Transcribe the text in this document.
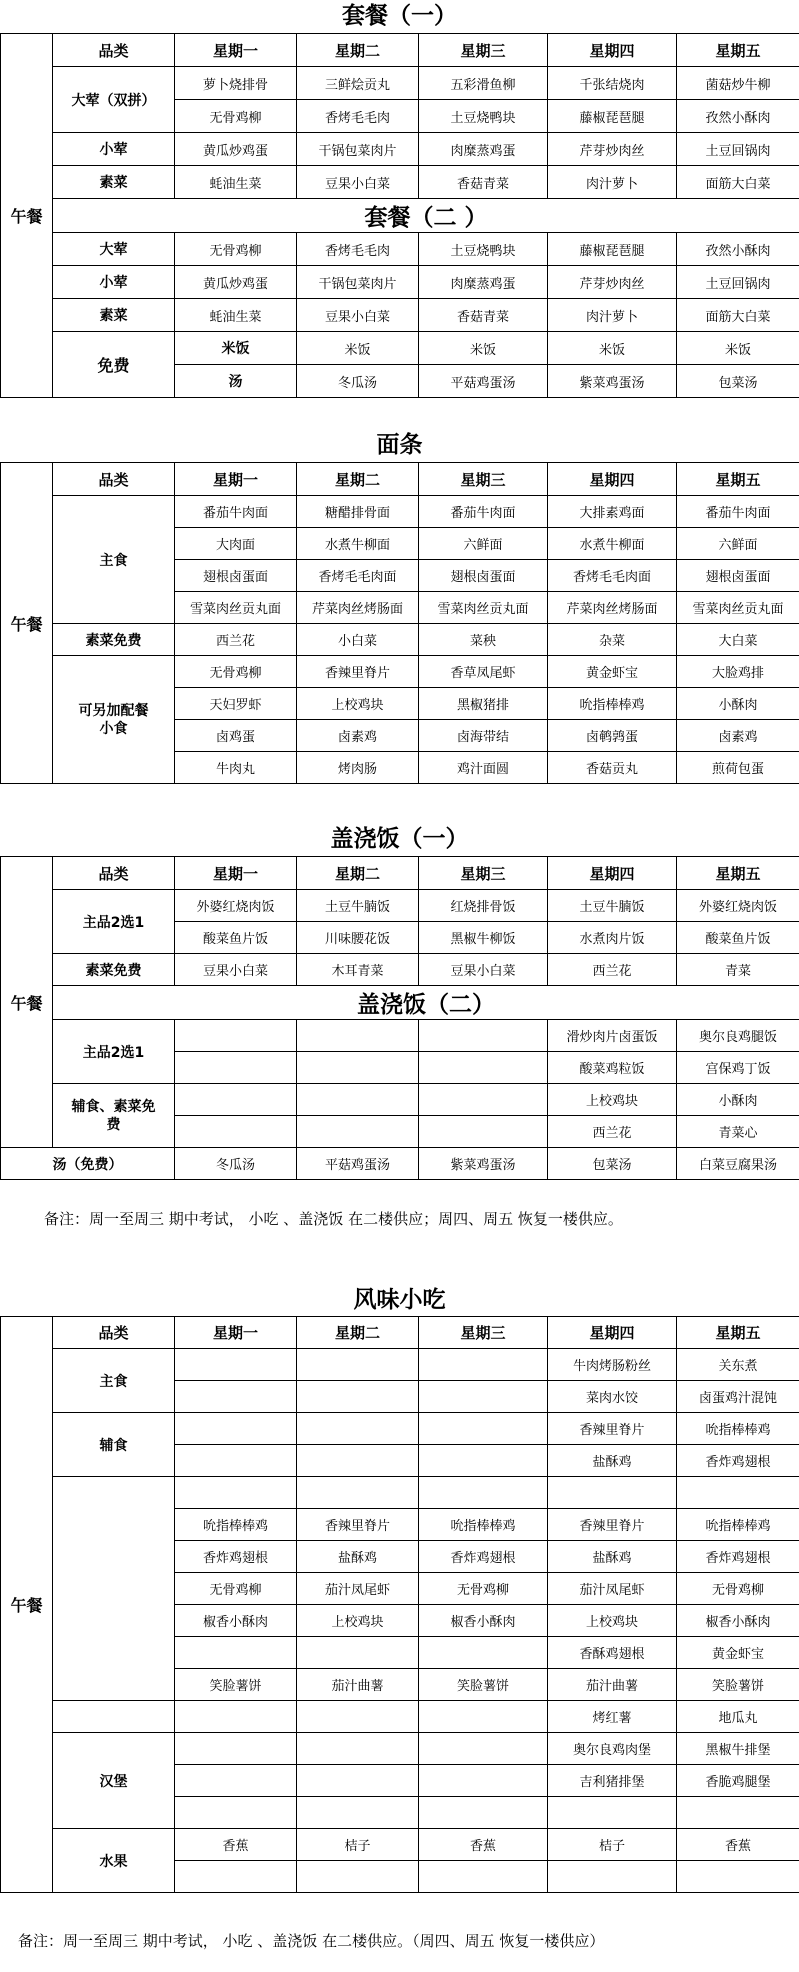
套餐（一）
午餐	品类	星期一	星期二	星期三	星期四	星期五	
	大荤（双拼）	萝卜烧排骨	三鲜烩贡丸	五彩滑鱼柳	千张结烧肉	菌菇炒牛柳	
		无骨鸡柳	香烤毛毛肉	土豆烧鸭块	藤椒琵琶腿	孜然小酥肉	
	小荤	黄瓜炒鸡蛋	干锅包菜肉片	肉糜蒸鸡蛋	芹芽炒肉丝	土豆回锅肉	
	素菜	蚝油生菜	豆果小白菜	香菇青菜	肉汁萝卜	面筋大白菜	
	套餐（二 ）						
	大荤	无骨鸡柳	香烤毛毛肉	土豆烧鸭块	藤椒琵琶腿	孜然小酥肉	
	小荤	黄瓜炒鸡蛋	干锅包菜肉片	肉糜蒸鸡蛋	芹芽炒肉丝	土豆回锅肉	
	素菜	蚝油生菜	豆果小白菜	香菇青菜	肉汁萝卜	面筋大白菜	
	免费	米饭	米饭	米饭	米饭	米饭	
		汤	冬瓜汤	平菇鸡蛋汤	紫菜鸡蛋汤	包菜汤	
面条
午餐	品类	星期一	星期二	星期三	星期四	星期五
	主食	番茄牛肉面	糖醋排骨面	番茄牛肉面	大排素鸡面	番茄牛肉面
		大肉面	水煮牛柳面	六鲜面	水煮牛柳面	六鲜面
		翅根卤蛋面	香烤毛毛肉面	翅根卤蛋面	香烤毛毛肉面	翅根卤蛋面
		雪菜肉丝贡丸面	芹菜肉丝烤肠面	雪菜肉丝贡丸面	芹菜肉丝烤肠面	雪菜肉丝贡丸面
	素菜免费	西兰花	小白菜	菜秧	杂菜	大白菜
	可另加配餐小食	无骨鸡柳	香辣里脊片	香草凤尾虾	黄金虾宝	大脸鸡排
		天妇罗虾	上校鸡块	黑椒猪排	吮指棒棒鸡	小酥肉
		卤鸡蛋	卤素鸡	卤海带结	卤鹌鹑蛋	卤素鸡
		牛肉丸	烤肉肠	鸡汁面圆	香菇贡丸	煎荷包蛋
盖浇饭（一）
午餐	品类	星期一	星期二	星期三	星期四	星期五
	主品2选1	外婆红烧肉饭	土豆牛腩饭	红烧排骨饭	土豆牛腩饭	外婆红烧肉饭
		酸菜鱼片饭	川味腰花饭	黑椒牛柳饭	水煮肉片饭	酸菜鱼片饭
	素菜免费	豆果小白菜	木耳青菜	豆果小白菜	西兰花	青菜
	盖浇饭（二）					
	主品2选1				滑炒肉片卤蛋饭	奥尔良鸡腿饭
					酸菜鸡粒饭	宫保鸡丁饭
	辅食、素菜免费				上校鸡块	小酥肉
					西兰花	青菜心
汤（免费）		冬瓜汤	平菇鸡蛋汤	紫菜鸡蛋汤	包菜汤	白菜豆腐果汤
备注：周一至周三 期中考试， 小吃 、盖浇饭 在二楼供应；周四、周五 恢复一楼供应。
风味小吃
午餐	品类	星期一	星期二	星期三	星期四	星期五
	主食				牛肉烤肠粉丝	关东煮
					菜肉水饺	卤蛋鸡汁混饨
	辅食				香辣里脊片	吮指棒棒鸡
					盐酥鸡	香炸鸡翅根

		吮指棒棒鸡	香辣里脊片	吮指棒棒鸡	香辣里脊片	吮指棒棒鸡
		香炸鸡翅根	盐酥鸡	香炸鸡翅根	盐酥鸡	香炸鸡翅根
		无骨鸡柳	茄汁凤尾虾	无骨鸡柳	茄汁凤尾虾	无骨鸡柳
		椒香小酥肉	上校鸡块	椒香小酥肉	上校鸡块	椒香小酥肉
					香酥鸡翅根	黄金虾宝
		笑脸薯饼	茄汁曲薯	笑脸薯饼	茄汁曲薯	笑脸薯饼
					烤红薯	地瓜丸
	汉堡				奥尔良鸡肉堡	黑椒牛排堡
					吉利猪排堡	香脆鸡腿堡

	水果	香蕉	桔子	香蕉	桔子	香蕉

备注：周一至周三 期中考试， 小吃 、盖浇饭 在二楼供应。（周四、周五 恢复一楼供应）
